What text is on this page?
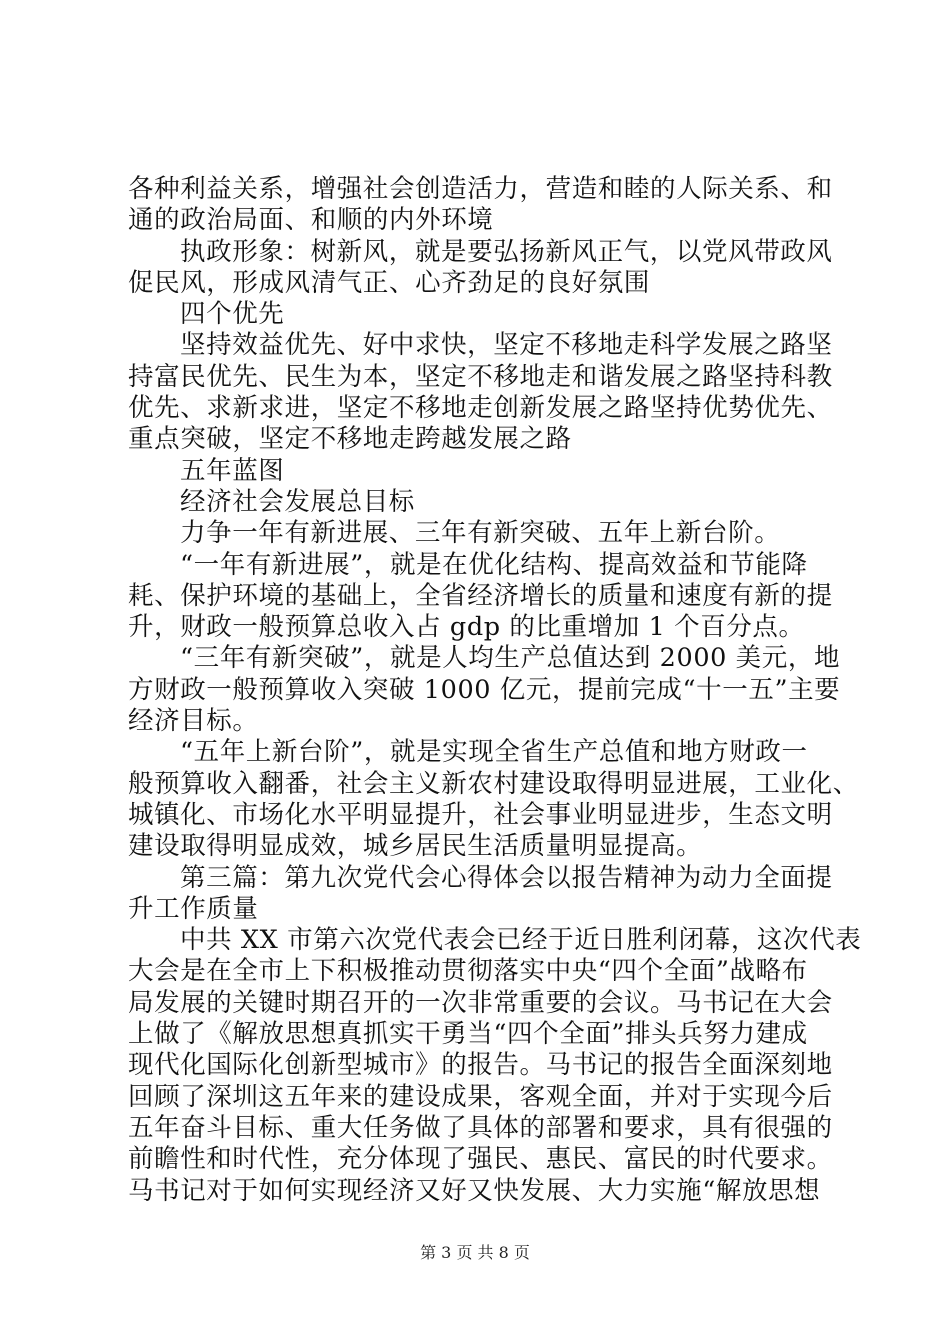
各种利益关系，增强社会创造活力，营造和睦的人际关系、和
通的政治局面、和顺的内外环境
执政形象：树新风，就是要弘扬新风正气，以党风带政风
促民风，形成风清气正、心齐劲足的良好氛围
四个优先
坚持效益优先、好中求快，坚定不移地走科学发展之路坚
持富民优先、民生为本，坚定不移地走和谐发展之路坚持科教
优先、求新求进，坚定不移地走创新发展之路坚持优势优先、
重点突破，坚定不移地走跨越发展之路
五年蓝图
经济社会发展总目标
力争一年有新进展、三年有新突破、五年上新台阶。
“一年有新进展”，就是在优化结构、提高效益和节能降
耗、保护环境的基础上，全省经济增长的质量和速度有新的提
升，财政一般预算总收入占 gdp 的比重增加 1 个百分点。
“三年有新突破”，就是人均生产总值达到 2000 美元，地
方财政一般预算收入突破 1000 亿元，提前完成“十一五”主要
经济目标。
“五年上新台阶”，就是实现全省生产总值和地方财政一
般预算收入翻番，社会主义新农村建设取得明显进展，工业化、
城镇化、市场化水平明显提升，社会事业明显进步，生态文明
建设取得明显成效，城乡居民生活质量明显提高。
第三篇：第九次党代会心得体会以报告精神为动力全面提
升工作质量
中共 XX 市第六次党代表会已经于近日胜利闭幕，这次代表
大会是在全市上下积极推动贯彻落实中央“四个全面”战略布
局发展的关键时期召开的一次非常重要的会议。马书记在大会
上做了《解放思想真抓实干勇当“四个全面”排头兵努力建成
现代化国际化创新型城市》的报告。马书记的报告全面深刻地
回顾了深圳这五年来的建设成果，客观全面，并对于实现今后
五年奋斗目标、重大任务做了具体的部署和要求，具有很强的
前瞻性和时代性，充分体现了强民、惠民、富民的时代要求。
马书记对于如何实现经济又好又快发展、大力实施“解放思想
第 3 页 共 8 页
